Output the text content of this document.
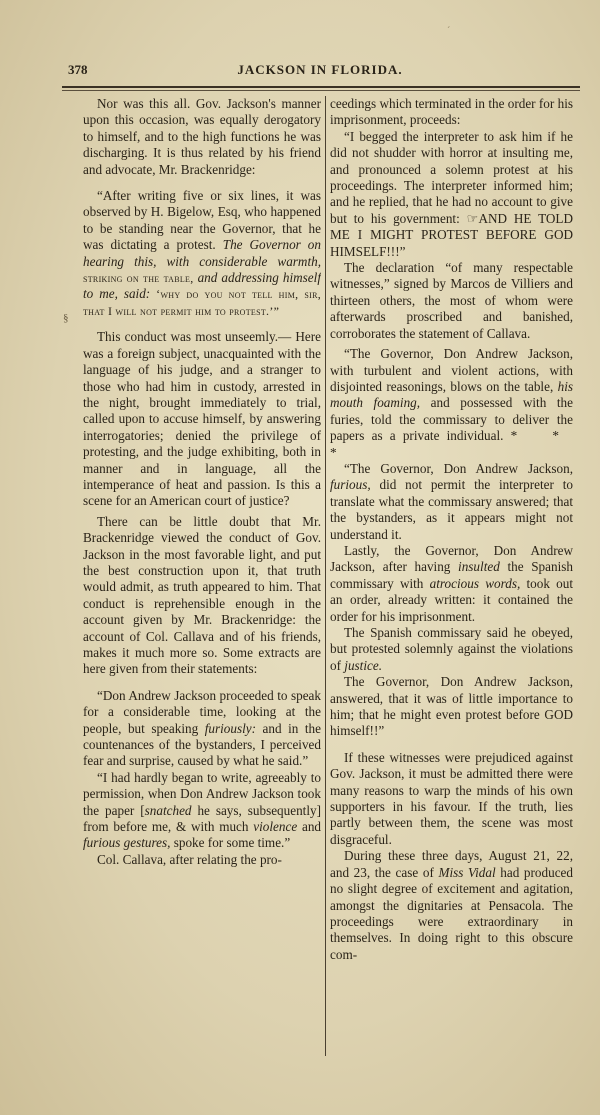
´
378	JACKSON IN FLORIDA.
§

Nor was this all. Gov. Jackson's manner upon this occasion, was equally derogatory to himself, and to the high functions he was discharging. It is thus related by his friend and advocate, Mr. Brackenridge:

“After writing five or six lines, it was observed by H. Bigelow, Esq, who happened to be standing near the Governor, that he was dictating a protest. The Governor on hearing this, with considerable warmth, striking on the table, and addressing himself to me, said: ‘why do you not tell him, sir, that I will not permit him to protest.’”

This conduct was most unseemly.— Here was a foreign subject, unacquainted with the language of his judge, and a stranger to those who had him in custody, arrested in the night, brought immediately to trial, called upon to accuse himself, by answering interrogatories; denied the privilege of protesting, and the judge exhibiting, both in manner and in language, all the intemperance of heat and passion. Is this a scene for an American court of justice?

There can be little doubt that Mr. Brackenridge viewed the conduct of Gov. Jackson in the most favorable light, and put the best construction upon it, that truth would admit, as truth appeared to him. That conduct is reprehensible enough in the account given by Mr. Brackenridge: the account of Col. Callava and of his friends, makes it much more so. Some extracts are here given from their statements:

“Don Andrew Jackson proceeded to speak for a considerable time, looking at the people, but speaking furiously: and in the countenances of the bystanders, I perceived fear and surprise, caused by what he said.”

“I had hardly began to write, agreeably to permission, when Don Andrew Jackson took the paper [snatched he says, subsequently] from before me, & with much violence and furious gestures, spoke for some time.”

Col. Callava, after relating the pro-

ceedings which terminated in the order for his imprisonment, proceeds:

“I begged the interpreter to ask him if he did not shudder with horror at insulting me, and pronounced a solemn protest at his proceedings. The interpreter informed him; and he replied, that he had no account to give but to his government: ☞AND HE TOLD ME I MIGHT PROTEST BEFORE GOD HIMSELF!!!”

The declaration “of many respectable witnesses,” signed by Marcos de Villiers and thirteen others, the most of whom were afterwards proscribed and banished, corroborates the statement of Callava.

“The Governor, Don Andrew Jackson, with turbulent and violent actions, with disjointed reasonings, blows on the table, his mouth foaming, and possessed with the furies, told the commissary to deliver the papers as a private individual. * * *

“The Governor, Don Andrew Jackson, furious, did not permit the interpreter to translate what the commissary answered; that the bystanders, as it appears might not understand it.

Lastly, the Governor, Don Andrew Jackson, after having insulted the Spanish commissary with atrocious words, took out an order, already written: it contained the order for his imprisonment.

The Spanish commissary said he obeyed, but protested solemnly against the violations of justice.

The Governor, Don Andrew Jackson, answered, that it was of little importance to him; that he might even protest before GOD himself!!”

If these witnesses were prejudiced against Gov. Jackson, it must be admitted there were many reasons to warp the minds of his own supporters in his favour. If the truth, lies partly between them, the scene was most disgraceful.

During these three days, August 21, 22, and 23, the case of Miss Vidal had produced no slight degree of excitement and agitation, amongst the dignitaries at Pensacola. The proceedings were extraordinary in themselves. In doing right to this obscure com-
